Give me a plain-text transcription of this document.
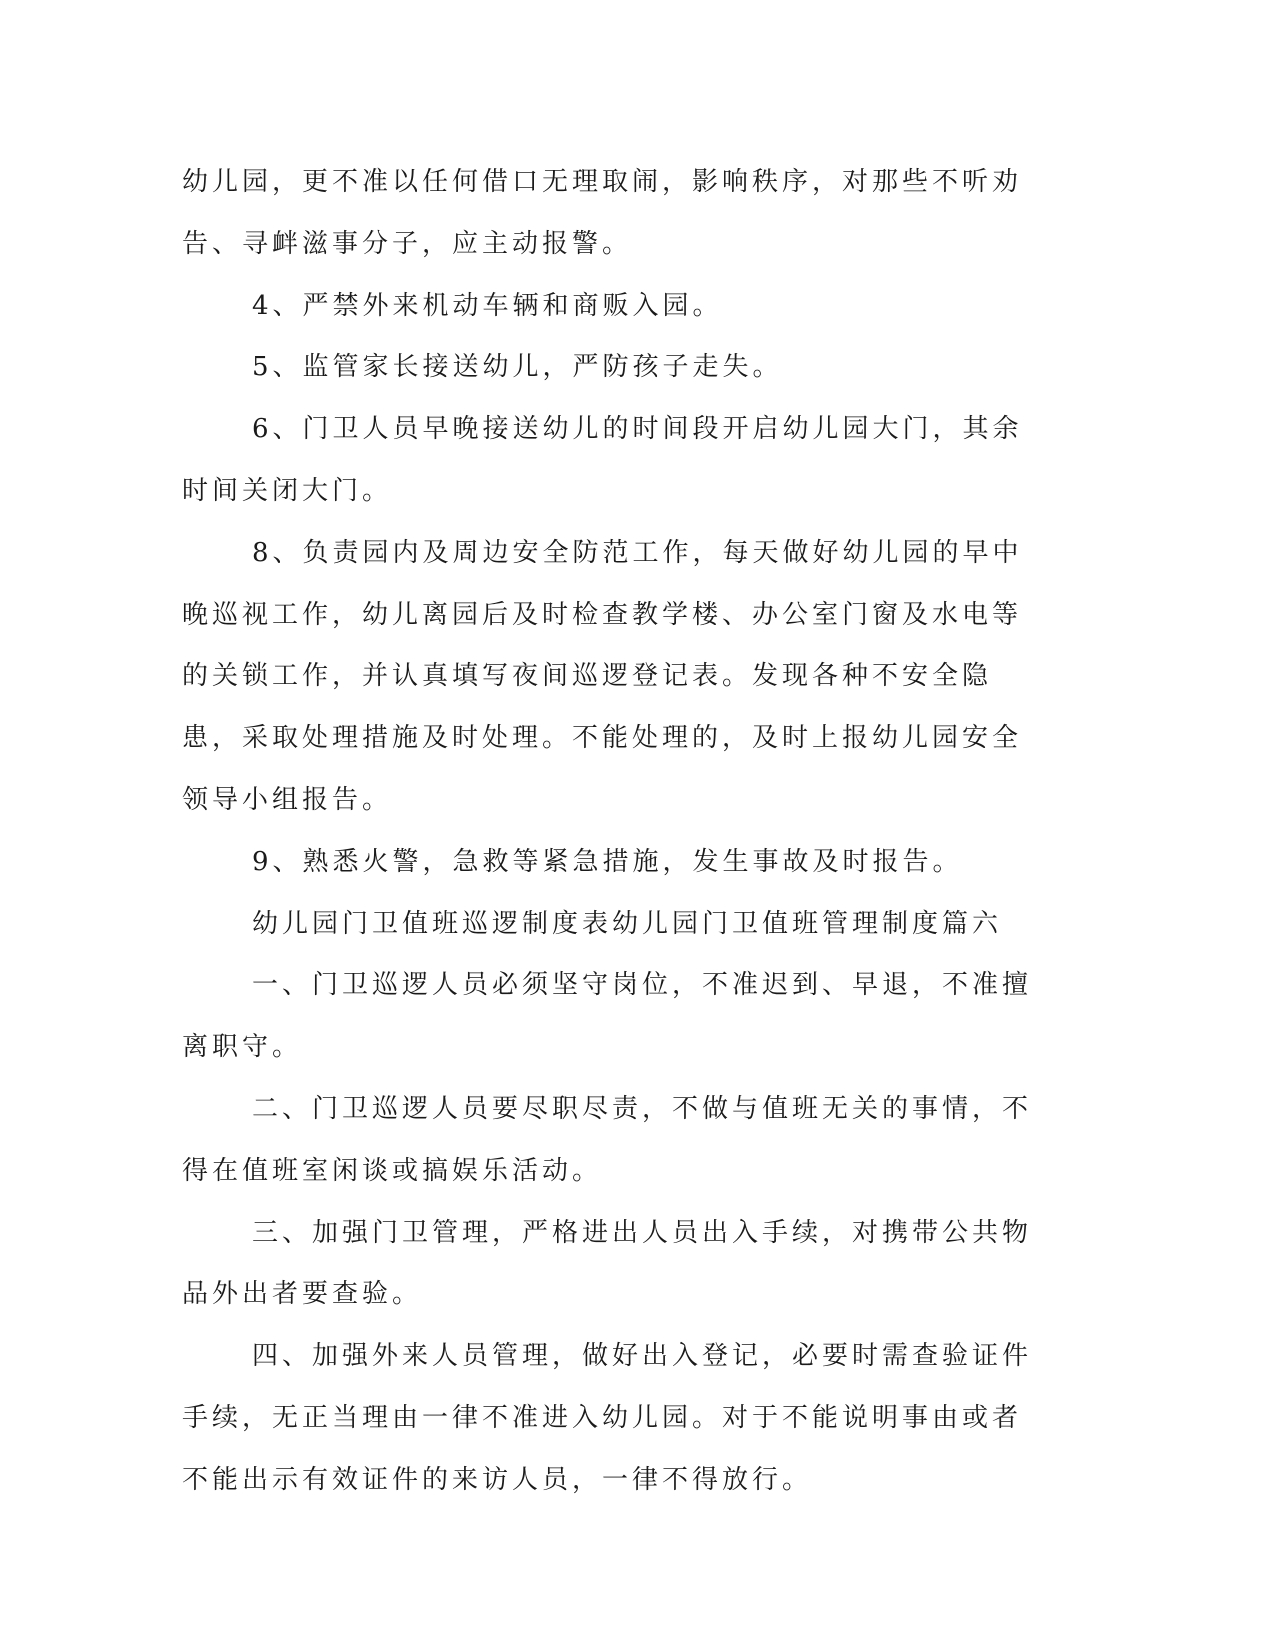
幼儿园，更不准以任何借口无理取闹，影响秩序，对那些不听劝告、寻衅滋事分子，应主动报警。

4、严禁外来机动车辆和商贩入园。

5、监管家长接送幼儿，严防孩子走失。

6、门卫人员早晚接送幼儿的时间段开启幼儿园大门，其余时间关闭大门。

8、负责园内及周边安全防范工作，每天做好幼儿园的早中晚巡视工作，幼儿离园后及时检查教学楼、办公室门窗及水电等的关锁工作，并认真填写夜间巡逻登记表。发现各种不安全隐患，采取处理措施及时处理。不能处理的，及时上报幼儿园安全领导小组报告。

9、熟悉火警，急救等紧急措施，发生事故及时报告。

幼儿园门卫值班巡逻制度表幼儿园门卫值班管理制度篇六

一、门卫巡逻人员必须坚守岗位，不准迟到、早退，不准擅离职守。

二、门卫巡逻人员要尽职尽责，不做与值班无关的事情，不得在值班室闲谈或搞娱乐活动。

三、加强门卫管理，严格进出人员出入手续，对携带公共物品外出者要查验。

四、加强外来人员管理，做好出入登记，必要时需查验证件手续，无正当理由一律不准进入幼儿园。对于不能说明事由或者不能出示有效证件的来访人员，一律不得放行。
